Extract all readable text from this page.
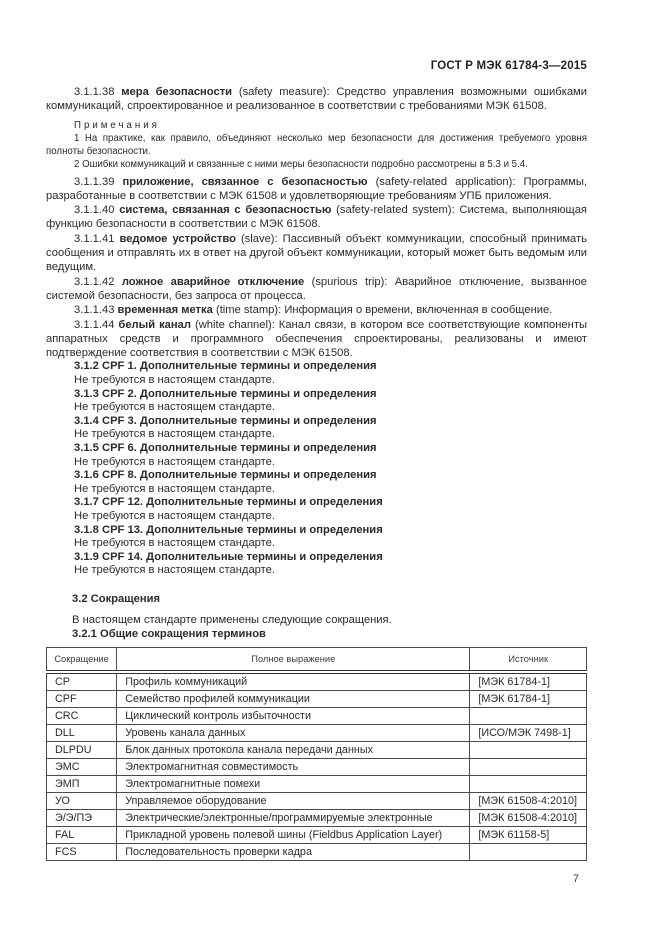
ГОСТ Р МЭК 61784-3—2015

3.1.1.38 мера безопасности (safety measure): Средство управления возможными ошибками коммуникаций, спроектированное и реализованное в соответствии с требованиями МЭК 61508.

Примечания

1 На практике, как правило, объединяют несколько мер безопасности для достижения требуемого уровня полноты безопасности.

2 Ошибки коммуникаций и связанные с ними меры безопасности подробно рассмотрены в 5.3 и 5.4.

3.1.1.39 приложение, связанное с безопасностью (safety-related application): Программы, разработанные в соответствии с МЭК 61508 и удовлетворяющие требованиям УПБ приложения.

3.1.1.40 система, связанная с безопасностью (safety-related system): Система, выполняющая функцию безопасности в соответствии с МЭК 61508.

3.1.1.41 ведомое устройство (slave): Пассивный объект коммуникации, способный принимать сообщения и отправлять их в ответ на другой объект коммуникации, который может быть ведомым или ведущим.

3.1.1.42 ложное аварийное отключение (spurious trip): Аварийное отключение, вызванное системой безопасности, без запроса от процесса.

3.1.1.43 временная метка (time stamp): Информация о времени, включенная в сообщение.

3.1.1.44 белый канал (white channel): Канал связи, в котором все соответствующие компоненты аппаратных средств и программного обеспечения спроектированы, реализованы и имеют подтверждение соответствия в соответствии с МЭК 61508.

3.1.2 CPF 1. Дополнительные термины и определения

Не требуются в настоящем стандарте.

3.1.3 CPF 2. Дополнительные термины и определения

Не требуются в настоящем стандарте.

3.1.4 CPF 3. Дополнительные термины и определения

Не требуются в настоящем стандарте.

3.1.5 CPF 6. Дополнительные термины и определения

Не требуются в настоящем стандарте.

3.1.6 CPF 8. Дополнительные термины и определения

Не требуются в настоящем стандарте.

3.1.7 CPF 12. Дополнительные термины и определения

Не требуются в настоящем стандарте.

3.1.8 CPF 13. Дополнительные термины и определения

Не требуются в настоящем стандарте.

3.1.9 CPF 14. Дополнительные термины и определения

Не требуются в настоящем стандарте.

3.2 Сокращения

В настоящем стандарте применены следующие сокращения.

3.2.1 Общие сокращения терминов

Сокращение	Полное выражение	Источник
CP	Профиль коммуникаций	[МЭК 61784-1]
CPF	Семейство профилей коммуникации	[МЭК 61784-1]
CRC	Циклический контроль избыточности	
DLL	Уровень канала данных	[ИСО/МЭК 7498-1]
DLPDU	Блок данных протокола канала передачи данных	
ЭМС	Электромагнитная совместимость	
ЭМП	Электромагнитные помехи	
УО	Управляемое оборудование	[МЭК 61508-4:2010]
Э/Э/ПЭ	Электрические/электронные/программируемые электронные	[МЭК 61508-4:2010]
FAL	Прикладной уровень полевой шины (Fieldbus Application Layer)	[МЭК 61158-5]
FCS	Последовательность проверки кадра	
7
